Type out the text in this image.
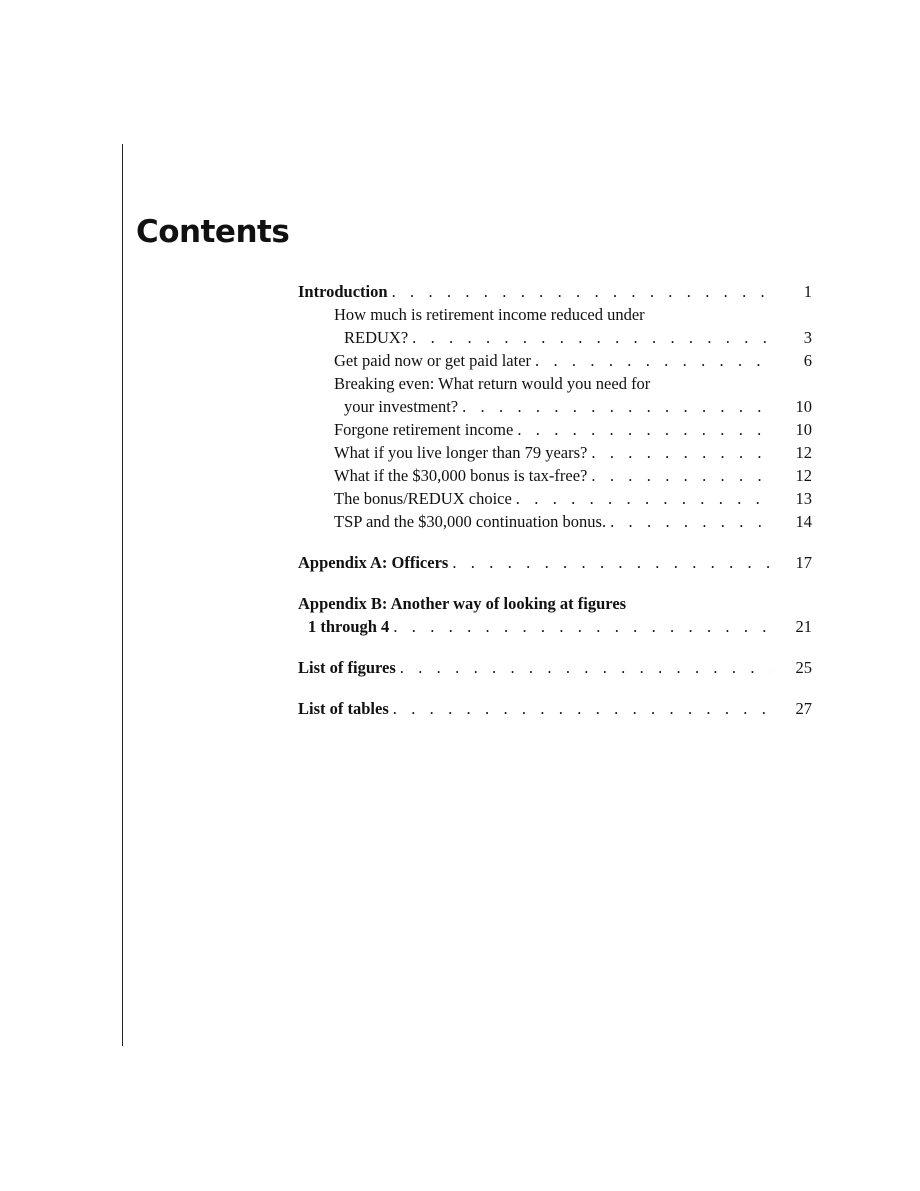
Contents
Introduction . . .	1
How much is retirement income reduced under
REDUX? . . .	3
Get paid now or get paid later . . .	6
Breaking even: What return would you need for
your investment? . . .	10
Forgone retirement income . . .	10
What if you live longer than 79 years? . . .	12
What if the $30,000 bonus is tax-free? . . .	12
The bonus/REDUX choice . . .	13
TSP and the $30,000 continuation bonus. . . .	14
Appendix A: Officers . . .	17
Appendix B: Another way of looking at figures
1 through 4 . . .	21
List of figures . . .	25
List of tables . . .	27
